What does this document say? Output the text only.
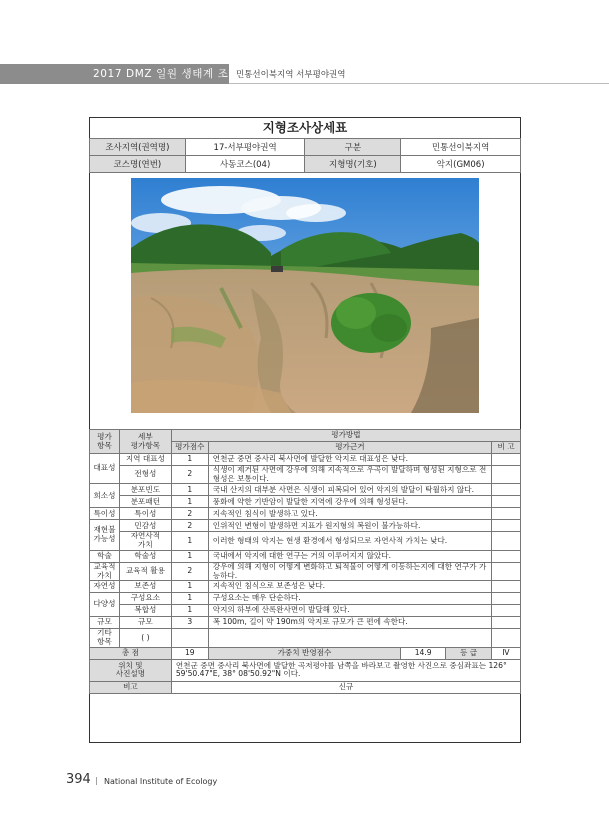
2017 DMZ 일원 생태계 조사
민통선이북지역 서부평야권역
지형조사상세표
조사지역(권역명)	17-서부평야권역	구분	민통선이북지역
코스명(연번)	사동코스(04)	지형명(기호)	악지(GM06)
평가
항목	세부
평가항목	평가방법				
		평가점수	평가근거			비 고
대표성	지역 대표성	1	연천군 중면 중사리 북사면에 발달한 악지로 대표성은 낮다.			
	전형성	2	식생이 제거된 사면에 강우에 의해 지속적으로 우곡이 발달하며 형성된 지형으로 전형성은 보통이다.			
희소성	분포빈도	1	국내 산지의 대부분 사면은 식생이 피복되어 있어 악지의 발달이 탁월하지 않다.			
	분포패턴	1	풍화에 약한 기반암이 발달한 지역에 강우에 의해 형성된다.			
특이성	특이성	2	지속적인 침식이 발생하고 있다.			
재현불
가능성	민감성	2	인위적인 변형이 발생하면 지표가 원지형의 복원이 불가능하다.			
	자연사적
가치	1	이러한 형태의 악지는 현생 환경에서 형성되므로 자연사적 가치는 낮다.			
학술	학술성	1	국내에서 악지에 대한 연구는 거의 이루어지지 않았다.			
교육적
가치	교육적 활용	2	강우에 의해 지형이 어떻게 변화하고 퇴적물이 어떻게 이동하는지에 대한 연구가 가능하다.			
자연성	보존성	1	지속적인 침식으로 보존성은 낮다.			
다양성	구성요소	1	구성요소는 매우 단순하다.			
	복합성	1	악지의 하부에 산록완사면이 발달해 있다.			
규모	규모	3	폭 100m, 길이 약 190m의 악지로 규모가 큰 편에 속한다.			
기타
항목	( )					
총 점		19	가중치 반영점수	14.9	등 급	Ⅳ
위치 및
사진설명		연천군 중면 중사리 북사면에 발달한 곡저평야를 남쪽을 바라보고 촬영한 사진으로 중심좌표는 126° 59'50.47"E, 38° 08'50.92"N 이다.				
비고		신규				
394 | National Institute of Ecology
